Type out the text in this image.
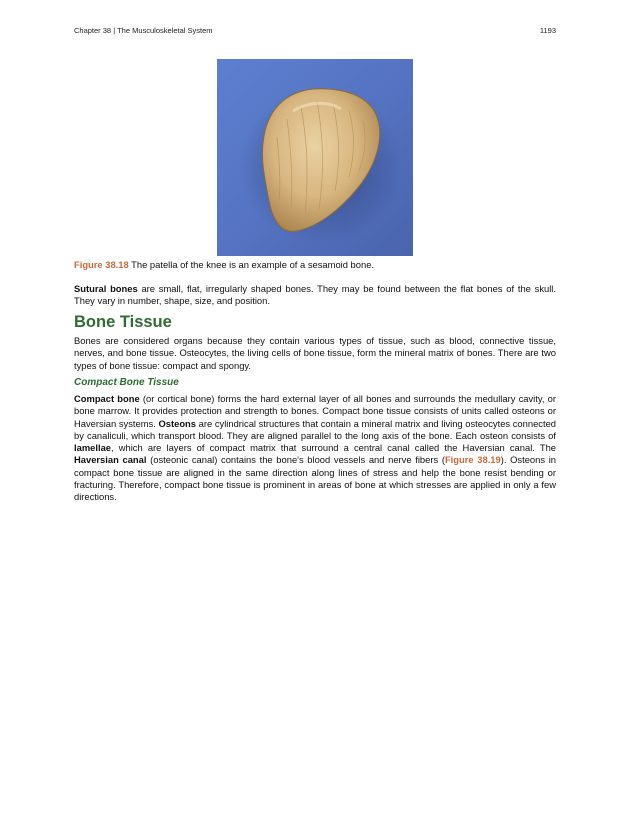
Chapter 38 | The Musculoskeletal System	1193
Figure 38.18 The patella of the knee is an example of a sesamoid bone.

Sutural bones are small, flat, irregularly shaped bones. They may be found between the flat bones of the skull. They vary in number, shape, size, and position.

Bone Tissue

Bones are considered organs because they contain various types of tissue, such as blood, connective tissue, nerves, and bone tissue. Osteocytes, the living cells of bone tissue, form the mineral matrix of bones. There are two types of bone tissue: compact and spongy.

Compact Bone Tissue

Compact bone (or cortical bone) forms the hard external layer of all bones and surrounds the medullary cavity, or bone marrow. It provides protection and strength to bones. Compact bone tissue consists of units called osteons or Haversian systems. Osteons are cylindrical structures that contain a mineral matrix and living osteocytes connected by canaliculi, which transport blood. They are aligned parallel to the long axis of the bone. Each osteon consists of lamellae, which are layers of compact matrix that surround a central canal called the Haversian canal. The Haversian canal (osteonic canal) contains the bone's blood vessels and nerve fibers (Figure 38.19). Osteons in compact bone tissue are aligned in the same direction along lines of stress and help the bone resist bending or fracturing. Therefore, compact bone tissue is prominent in areas of bone at which stresses are applied in only a few directions.
